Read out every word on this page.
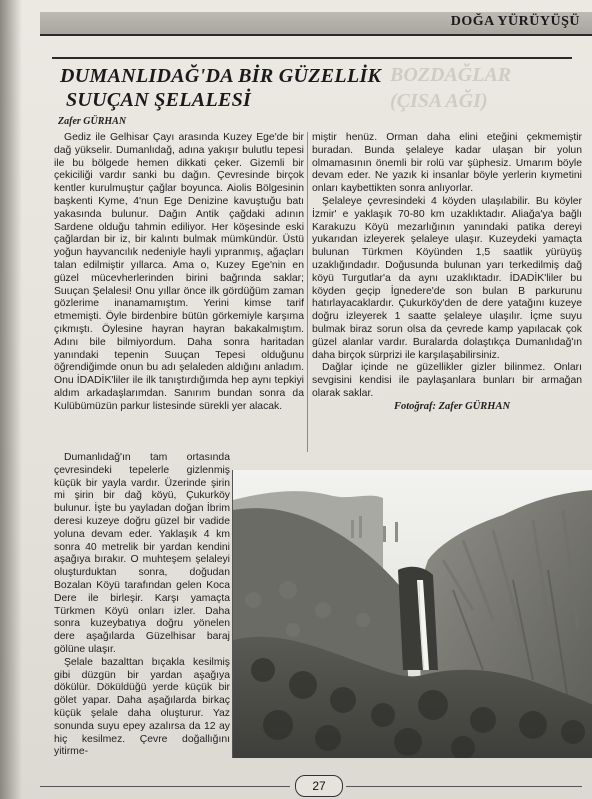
DOĞA YÜRÜYÜŞÜ
BOZDAĞLAR
(ÇISA AĞI)
DUMANLIDAĞ'DA BİR GÜZELLİK
SUUÇAN ŞELALESİ
Zafer GÜRHAN

Gediz ile Gelhisar Çayı arasında Kuzey Ege'de bir dağ yükselir. Dumanlıdağ, adına yakışır bulutlu tepesi ile bu bölgede hemen dikkati çeker. Gizemli bir çekiciliği vardır sanki bu dağın. Çevresinde birçok kentler kurulmuştur çağlar boyunca. Aiolis Bölgesinin başkenti Kyme, 4'nun Ege Denizine kavuştuğu batı yakasında bulunur. Dağın Antik çağdaki adının Sardene olduğu tahmin ediliyor. Her köşesinde eski çağlardan bir iz, bir kalıntı bulmak mümkündür. Üstü yoğun hayvancılık nedeniyle hayli yıpranmış, ağaçları talan edilmiştir yıllarca. Ama o, Kuzey Ege'nin en güzel mücevherlerinden birini bağrında saklar; Suuçan Şelalesi! Onu yıllar önce ilk gördüğüm zaman gözlerime inanamamıştım. Yerini kimse tarif etmemişti. Öyle birdenbire bütün görkemiyle karşıma çıkmıştı. Öylesine hayran hayran bakakalmıştım. Adını bile bilmiyordum. Daha sonra haritadan yanındaki tepenin Suuçan Tepesi olduğunu öğrendiğimde onun bu adı şelaleden aldığını anladım. Onu İDADİK'liler ile ilk tanıştırdığımda hep aynı tepkiyi aldım arkadaşlarımdan. Sanırım bundan sonra da Kulübümüzün parkur listesinde sürekli yer alacak.

miştir henüz. Orman daha elini eteğini çekmemiştir buradan. Bunda şelaleye kadar ulaşan bir yolun olmamasının önemli bir rolü var şüphesiz. Umarım böyle devam eder. Ne yazık ki insanlar böyle yerlerin kıymetini onları kaybettikten sonra anlıyorlar.

Şelaleye çevresindeki 4 köyden ulaşılabilir. Bu köyler İzmir' e yaklaşık 70-80 km uzaklıktadır. Aliağa'ya bağlı Karakuzu Köyü mezarlığının yanındaki patika dereyi yukarıdan izleyerek şelaleye ulaşır. Kuzeydeki yamaçta bulunan Türkmen Köyünden 1,5 saatlik yürüyüş uzaklığındadır. Doğusunda bulunan yarı terkedilmiş dağ köyü Turgutlar'a da aynı uzaklıktadır. İDADİK'liler bu köyden geçip İgnedere'de son bulan B parkurunu hatırlayacaklardır. Çukurköy'den de dere yatağını kuzeye doğru izleyerek 1 saatte şelaleye ulaşılır. İçme suyu bulmak biraz sorun olsa da çevrede kamp yapılacak çok güzel alanlar vardır. Buralarda dolaştıkça Dumanlıdağ'ın daha birçok sürprizi ile karşılaşabilirsiniz.

Dağlar içinde ne güzellikler gizler bilinmez. Onları sevgisini kendisi ile paylaşanlara bunları bir armağan olarak saklar.

Fotoğraf: Zafer GÜRHAN

Dumanlıdağ'ın tam ortasında çevresindeki tepelerle gizlenmiş küçük bir yayla vardır. Üzerinde şirin mi şirin bir dağ köyü, Çukurköy bulunur. İşte bu yayladan doğan İbrim deresi kuzeye doğru güzel bir vadide yoluna devam eder. Yaklaşık 4 km sonra 40 metrelik bir yardan kendini aşağıya bırakır. O muhteşem şelaleyi oluşturduktan sonra, doğudan Bozalan Köyü tarafından gelen Koca Dere ile birleşir. Karşı yamaçta Türkmen Köyü onları izler. Daha sonra kuzeybatıya doğru yönelen dere aşağılarda Güzelhisar baraj gölüne ulaşır.

Şelale bazalttan bıçakla kesilmiş gibi düzgün bir yardan aşağıya dökülür. Döküldüğü yerde küçük bir gölet yapar. Daha aşağılarda birkaç küçük şelale daha oluşturur. Yaz sonunda suyu epey azalırsa da 12 ay hiç kesilmez. Çevre doğallığını yitirme-

27
